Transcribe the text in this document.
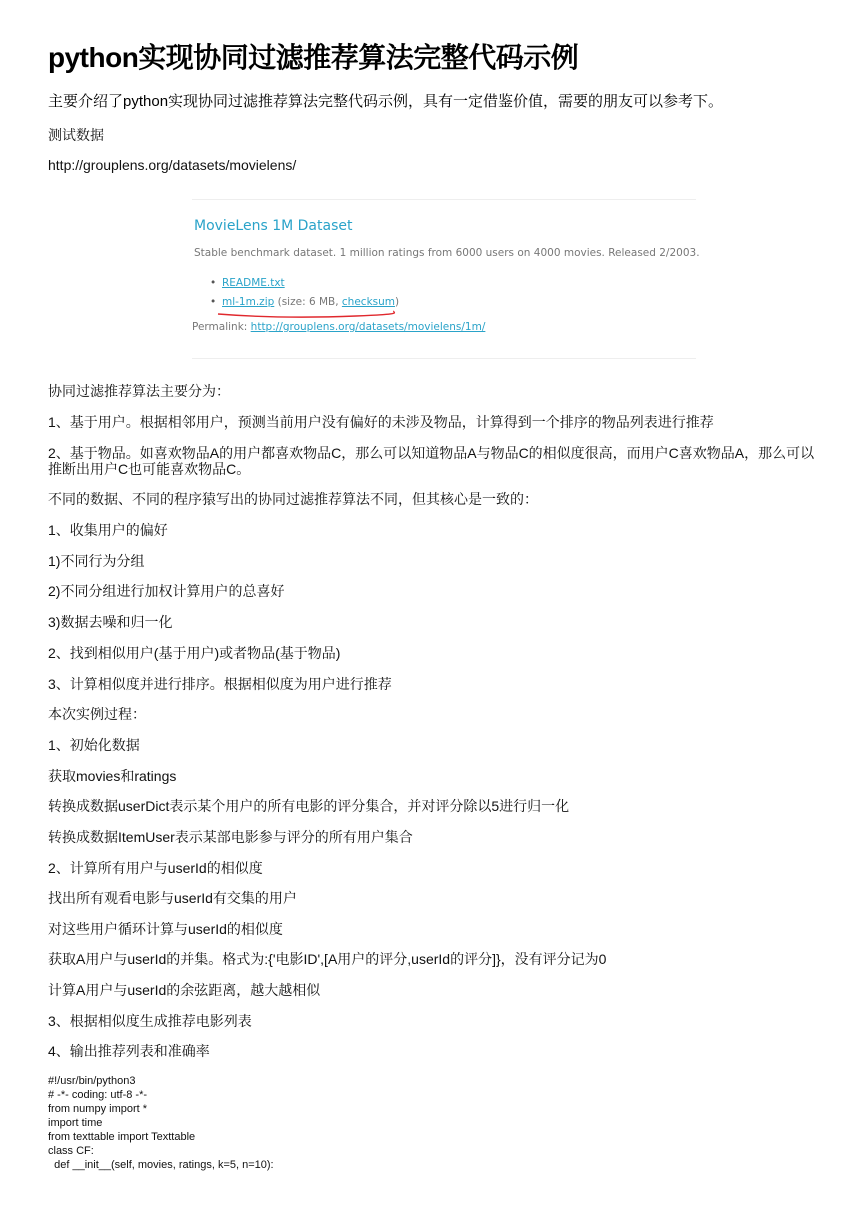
python实现协同过滤推荐算法完整代码示例
主要介绍了python实现协同过滤推荐算法完整代码示例，具有一定借鉴价值，需要的朋友可以参考下。
测试数据
http://grouplens.org/datasets/movielens/
MovieLens 1M Dataset
Stable benchmark dataset. 1 million ratings from 6000 users on 4000 movies. Released 2/2003.
• README.txt
• ml-1m.zip (size: 6 MB, checksum)
Permalink: http://grouplens.org/datasets/movielens/1m/
协同过滤推荐算法主要分为：
1、基于用户。根据相邻用户，预测当前用户没有偏好的未涉及物品，计算得到一个排序的物品列表进行推荐
2、基于物品。如喜欢物品A的用户都喜欢物品C，那么可以知道物品A与物品C的相似度很高，而用户C喜欢物品A，那么可以推断出用户C也可能喜欢物品C。
不同的数据、不同的程序猿写出的协同过滤推荐算法不同，但其核心是一致的：
1、收集用户的偏好
1)不同行为分组
2)不同分组进行加权计算用户的总喜好
3)数据去噪和归一化
2、找到相似用户(基于用户)或者物品(基于物品)
3、计算相似度并进行排序。根据相似度为用户进行推荐
本次实例过程：
1、初始化数据
获取movies和ratings
转换成数据userDict表示某个用户的所有电影的评分集合，并对评分除以5进行归一化
转换成数据ItemUser表示某部电影参与评分的所有用户集合
2、计算所有用户与userId的相似度
找出所有观看电影与userId有交集的用户
对这些用户循环计算与userId的相似度
获取A用户与userId的并集。格式为:{'电影ID',[A用户的评分,userId的评分]}，没有评分记为0
计算A用户与userId的余弦距离，越大越相似
3、根据相似度生成推荐电影列表
4、输出推荐列表和准确率
#!/usr/bin/python3
# -*- coding: utf-8 -*-
from numpy import *
import time
from texttable import Texttable
class CF:
def __init__(self, movies, ratings, k=5, n=10):
